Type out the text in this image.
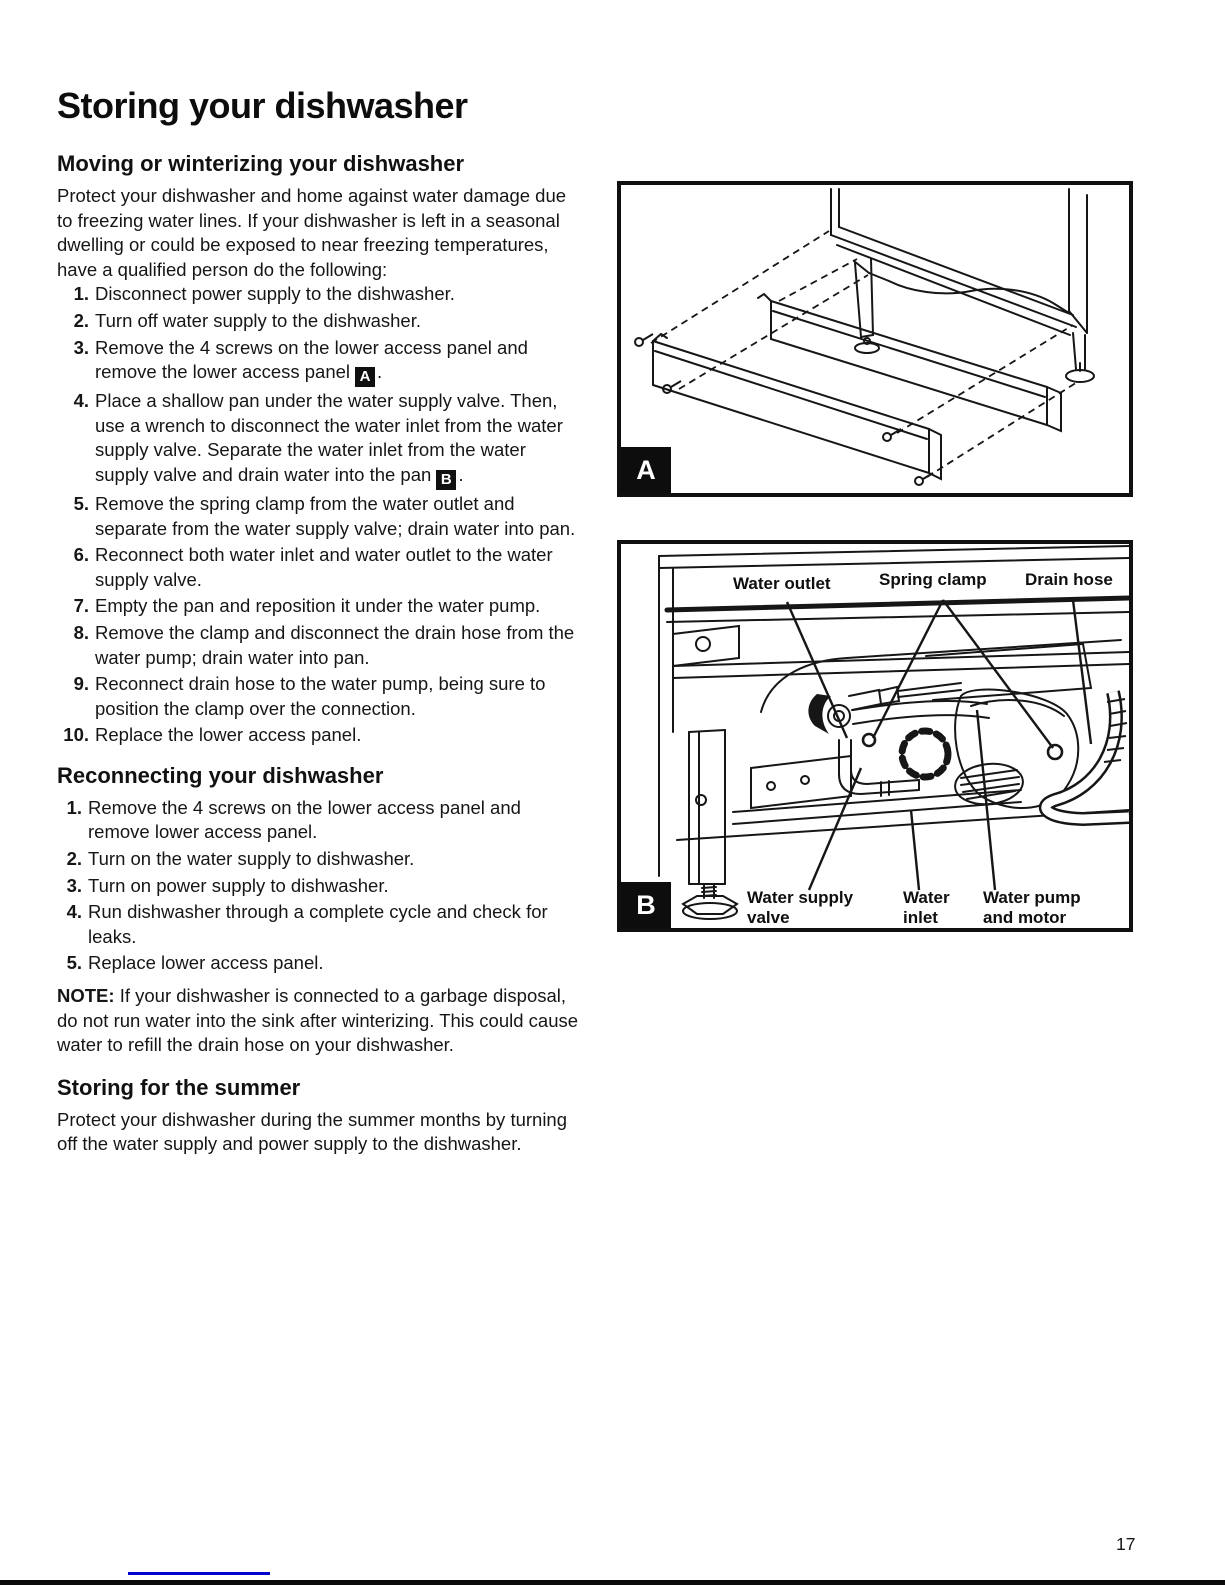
Storing your dishwasher
Moving or winterizing your dishwasher

Protect your dishwasher and home against water damage due to freezing water lines. If your dishwasher is left in a seasonal dwelling or could be exposed to near freezing temperatures, have a qualified person do the following:

1. Disconnect power supply to the dishwasher.
2. Turn off water supply to the dishwasher.
3. Remove the 4 screws on the lower access panel and remove the lower access panel A .
4. Place a shallow pan under the water supply valve. Then, use a wrench to disconnect the water inlet from the water supply valve. Separate the water inlet from the water supply valve and drain water into the pan B .
5. Remove the spring clamp from the water outlet and separate from the water supply valve; drain water into pan.
6. Reconnect both water inlet and water outlet to the water supply valve.
7. Empty the pan and reposition it under the water pump.
8. Remove the clamp and disconnect the drain hose from the water pump; drain water into pan.
9. Reconnect drain hose to the water pump, being sure to position the clamp over the connection.
10. Replace the lower access panel.
Reconnecting your dishwasher
1. Remove the 4 screws on the lower access panel and remove lower access panel.
2. Turn on the water supply to dishwasher.
3. Turn on power supply to dishwasher.
4. Run dishwasher through a complete cycle and check for leaks.
5. Replace lower access panel.

NOTE: If your dishwasher is connected to a garbage disposal, do not run water into the sink after winterizing. This could cause water to refill the drain hose on your dishwasher.

Storing for the summer

Protect your dishwasher during the summer months by turning off the water supply and power supply to the dishwasher.

A
Water outlet	Spring clamp	Drain hose
Water supply valve
Water inlet
Water pump and motor
B
17
